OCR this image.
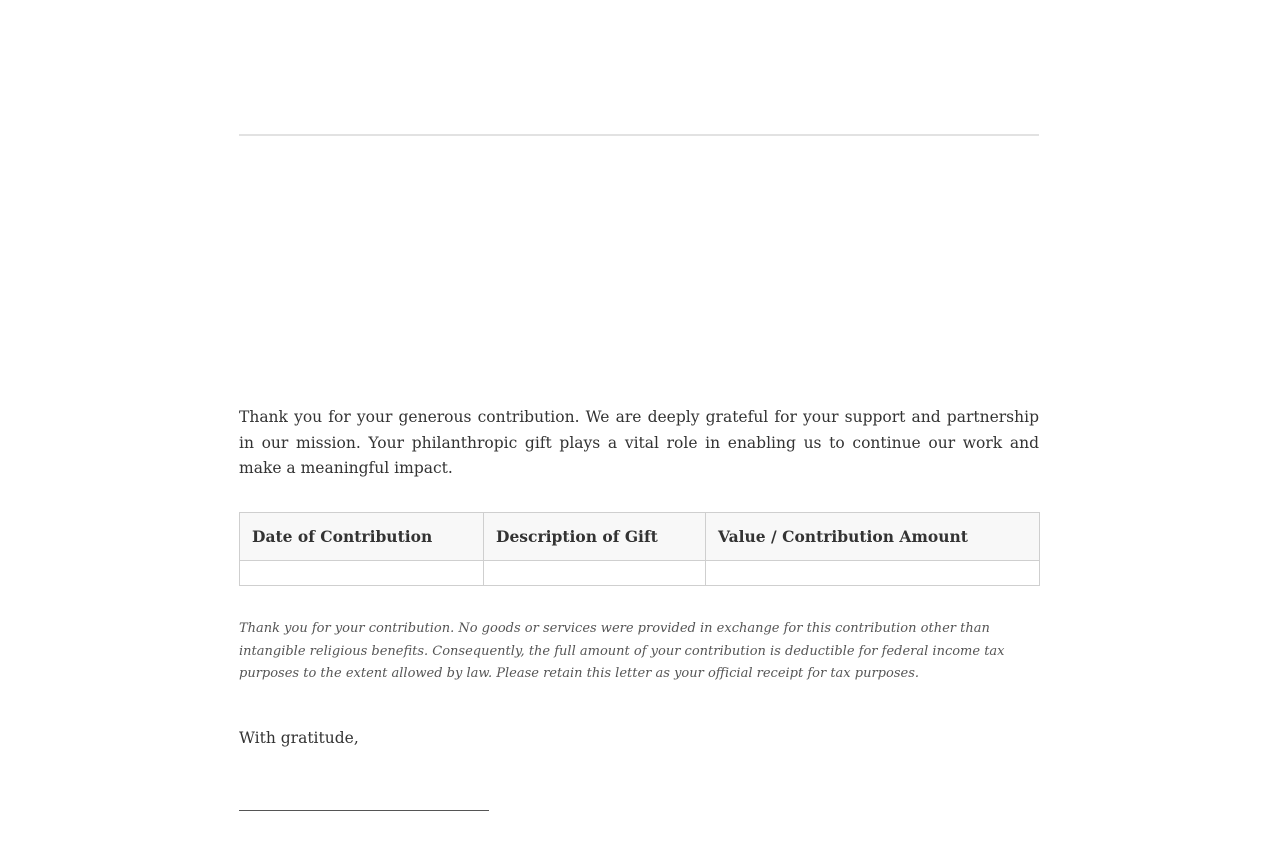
Thank you for your generous contribution. We are deeply grateful for your support and partnership in our mission. Your philanthropic gift plays a vital role in enabling us to continue our work and make a meaningful impact.

Date of Contribution	Description of Gift	Value / Contribution Amount

Thank you for your contribution. No goods or services were provided in exchange for this contribution other than intangible religious benefits. Consequently, the full amount of your contribution is deductible for federal income tax purposes to the extent allowed by law. Please retain this letter as your official receipt for tax purposes.

With gratitude,
